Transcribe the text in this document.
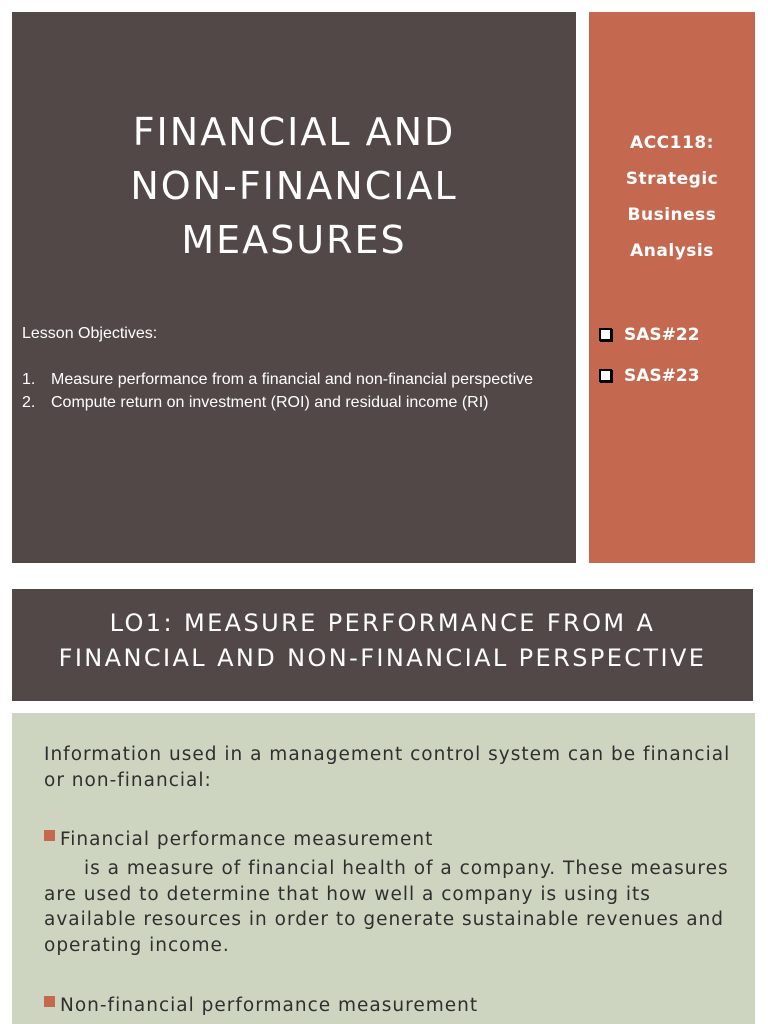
FINANCIAL AND
NON-FINANCIAL
MEASURES
Lesson Objectives:
1. Measure performance from a financial and non-financial perspective
2. Compute return on investment (ROI) and residual income (RI)
ACC118:
Strategic
Business
Analysis
SAS#22
SAS#23
LO1: MEASURE PERFORMANCE FROM A
FINANCIAL AND NON-FINANCIAL PERSPECTIVE
Information used in a management control system can be financial or non-financial:
Financial performance measurement
is a measure of financial health of a company. These measures are used to determine that how well a company is using its available resources in order to generate sustainable revenues and operating income.
Non-financial performance measurement
